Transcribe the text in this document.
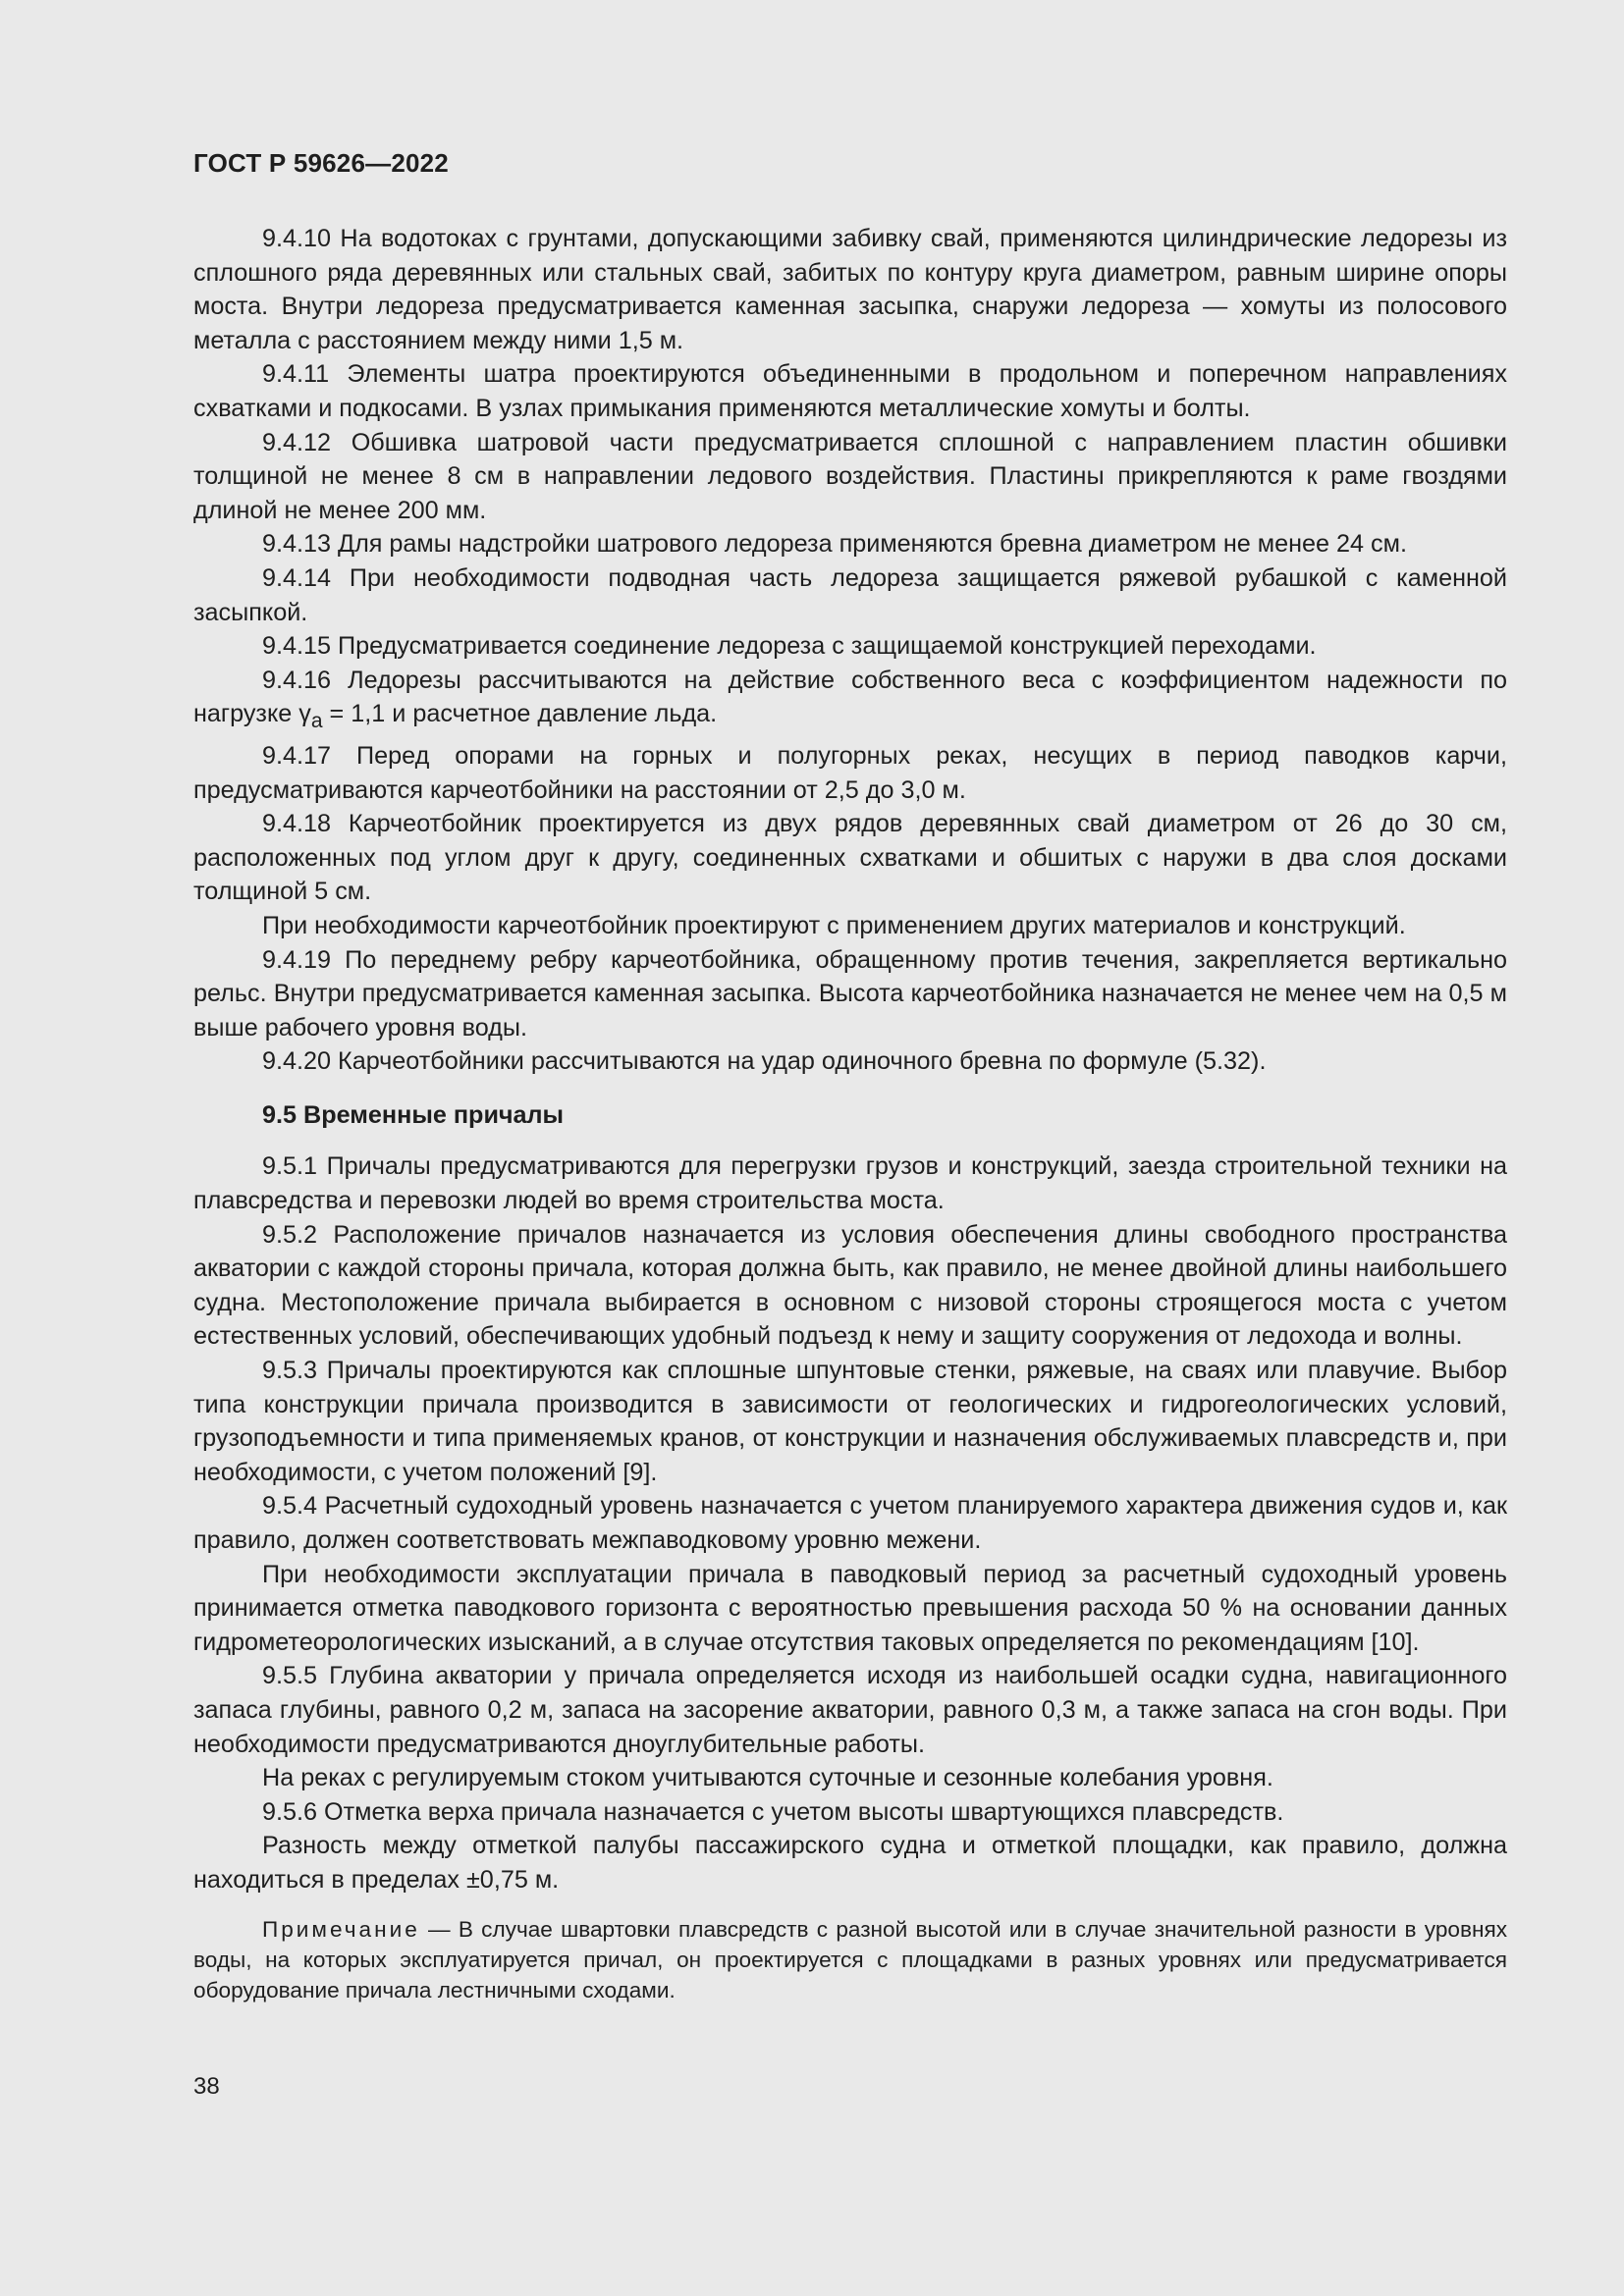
ГОСТ Р 59626—2022

9.4.10 На водотоках с грунтами, допускающими забивку свай, применяются цилиндрические ледорезы из сплошного ряда деревянных или стальных свай, забитых по контуру круга диаметром, равным ширине опоры моста. Внутри ледореза предусматривается каменная засыпка, снаружи ледореза — хомуты из полосового металла с расстоянием между ними 1,5 м.

9.4.11 Элементы шатра проектируются объединенными в продольном и поперечном направлениях схватками и подкосами. В узлах примыкания применяются металлические хомуты и болты.

9.4.12 Обшивка шатровой части предусматривается сплошной с направлением пластин обшивки толщиной не менее 8 см в направлении ледового воздействия. Пластины прикрепляются к раме гвоздями длиной не менее 200 мм.

9.4.13 Для рамы надстройки шатрового ледореза применяются бревна диаметром не менее 24 см.

9.4.14 При необходимости подводная часть ледореза защищается ряжевой рубашкой с каменной засыпкой.

9.4.15 Предусматривается соединение ледореза с защищаемой конструкцией переходами.

9.4.16 Ледорезы рассчитываются на действие собственного веса с коэффициентом надежности по нагрузке $\gamma_a = 1,1$ и расчетное давление льда.

9.4.17 Перед опорами на горных и полугорных реках, несущих в период паводков карчи, предусматриваются карчеотбойники на расстоянии от 2,5 до 3,0 м.

9.4.18 Карчеотбойник проектируется из двух рядов деревянных свай диаметром от 26 до 30 см, расположенных под углом друг к другу, соединенных схватками и обшитых с наружи в два слоя досками толщиной 5 см.

При необходимости карчеотбойник проектируют с применением других материалов и конструкций.

9.4.19 По переднему ребру карчеотбойника, обращенному против течения, закрепляется вертикально рельс. Внутри предусматривается каменная засыпка. Высота карчеотбойника назначается не менее чем на 0,5 м выше рабочего уровня воды.

9.4.20 Карчеотбойники рассчитываются на удар одиночного бревна по формуле (5.32).

9.5 Временные причалы

9.5.1 Причалы предусматриваются для перегрузки грузов и конструкций, заезда строительной техники на плавсредства и перевозки людей во время строительства моста.

9.5.2 Расположение причалов назначается из условия обеспечения длины свободного пространства акватории с каждой стороны причала, которая должна быть, как правило, не менее двойной длины наибольшего судна. Местоположение причала выбирается в основном с низовой стороны строящегося моста с учетом естественных условий, обеспечивающих удобный подъезд к нему и защиту сооружения от ледохода и волны.

9.5.3 Причалы проектируются как сплошные шпунтовые стенки, ряжевые, на сваях или плавучие. Выбор типа конструкции причала производится в зависимости от геологических и гидрогеологических условий, грузоподъемности и типа применяемых кранов, от конструкции и назначения обслуживаемых плавсредств и, при необходимости, с учетом положений [9].

9.5.4 Расчетный судоходный уровень назначается с учетом планируемого характера движения судов и, как правило, должен соответствовать межпаводковому уровню межени.

При необходимости эксплуатации причала в паводковый период за расчетный судоходный уровень принимается отметка паводкового горизонта с вероятностью превышения расхода 50 % на основании данных гидрометеорологических изысканий, а в случае отсутствия таковых определяется по рекомендациям [10].

9.5.5 Глубина акватории у причала определяется исходя из наибольшей осадки судна, навигационного запаса глубины, равного 0,2 м, запаса на засорение акватории, равного 0,3 м, а также запаса на сгон воды. При необходимости предусматриваются дноуглубительные работы.

На реках с регулируемым стоком учитываются суточные и сезонные колебания уровня.

9.5.6 Отметка верха причала назначается с учетом высоты швартующихся плавсредств.

Разность между отметкой палубы пассажирского судна и отметкой площадки, как правило, должна находиться в пределах ±0,75 м.

Примечание — В случае швартовки плавсредств с разной высотой или в случае значительной разности в уровнях воды, на которых эксплуатируется причал, он проектируется с площадками в разных уровнях или предусматривается оборудование причала лестничными сходами.

38
